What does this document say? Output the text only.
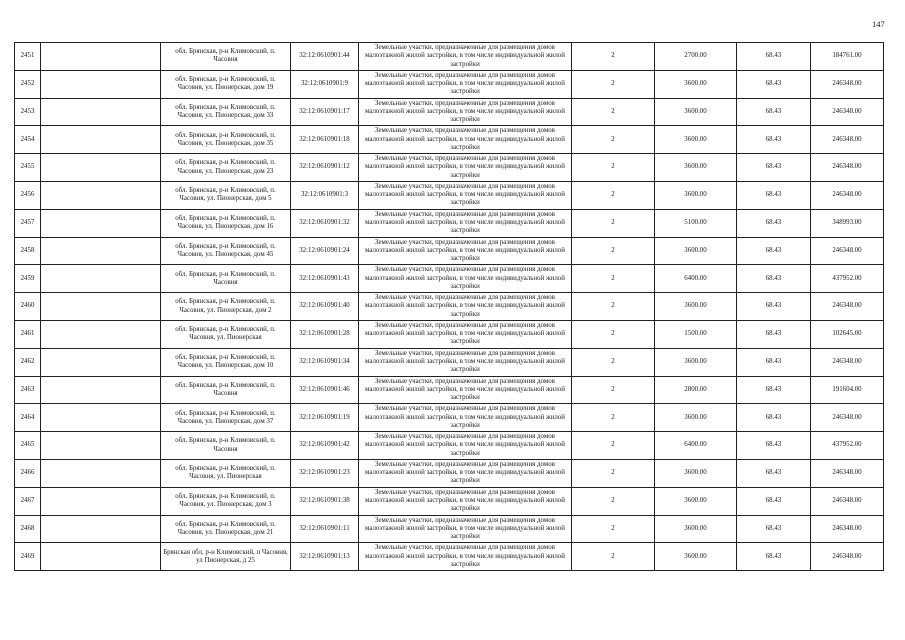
147
2451		обл. Брянская, р-н Климовский, п. Часовня	32:12:0610901:44	Земельные участки, предназначенные для размещения домов малоэтажной жилой застройки, в том числе индивидуальной жилой застройки	2	2700.00	68.43	184761.00
2452		обл. Брянская, р-н Климовский, п. Часовня, ул. Пионерская, дом 19	32:12:0610901:9	Земельные участки, предназначенные для размещения домов малоэтажной жилой застройки, в том числе индивидуальной жилой застройки	2	3600.00	68.43	246348.00
2453		обл. Брянская, р-н Климовский, п. Часовня, ул. Пионерская, дом 33	32:12:0610901:17	Земельные участки, предназначенные для размещения домов малоэтажной жилой застройки, в том числе индивидуальной жилой застройки	2	3600.00	68.43	246348.00
2454		обл. Брянская, р-н Климовский, п. Часовня, ул. Пионерская, дом 35	32:12:0610901:18	Земельные участки, предназначенные для размещения домов малоэтажной жилой застройки, в том числе индивидуальной жилой застройки	2	3600.00	68.43	246348.00
2455		обл. Брянская, р-н Климовский, п. Часовня, ул. Пионерская, дом 23	32:12:0610901:12	Земельные участки, предназначенные для размещения домов малоэтажной жилой застройки, в том числе индивидуальной жилой застройки	2	3600.00	68.43	246348.00
2456		обл. Брянская, р-н Климовский, п. Часовня, ул. Пионерская, дом 5	32:12:0610901:3	Земельные участки, предназначенные для размещения домов малоэтажной жилой застройки, в том числе индивидуальной жилой застройки	2	3600.00	68.43	246348.00
2457		обл. Брянская, р-н Климовский, п. Часовня, ул. Пионерская, дом 16	32:12:0610901:32	Земельные участки, предназначенные для размещения домов малоэтажной жилой застройки, в том числе индивидуальной жилой застройки	2	5100.00	68.43	348993.00
2458		обл. Брянская, р-н Климовский, п. Часовня, ул. Пионерская, дом 45	32:12:0610901:24	Земельные участки, предназначенные для размещения домов малоэтажной жилой застройки, в том числе индивидуальной жилой застройки	2	3600.00	68.43	246348.00
2459		обл. Брянская, р-н Климовский, п. Часовня	32:12:0610901:43	Земельные участки, предназначенные для размещения домов малоэтажной жилой застройки, в том числе индивидуальной жилой застройки	2	6400.00	68.43	437952.00
2460		обл. Брянская, р-н Климовский, п. Часовня, ул. Пионерская, дом 2	32:12:0610901:40	Земельные участки, предназначенные для размещения домов малоэтажной жилой застройки, в том числе индивидуальной жилой застройки	2	3600.00	68.43	246348.00
2461		обл. Брянская, р-н Климовский, п. Часовня, ул. Пионерская	32:12:0610901:28	Земельные участки, предназначенные для размещения домов малоэтажной жилой застройки, в том числе индивидуальной жилой застройки	2	1500.00	68.43	102645.00
2462		обл. Брянская, р-н Климовский, п. Часовня, ул. Пионерская, дом 10	32:12:0610901:34	Земельные участки, предназначенные для размещения домов малоэтажной жилой застройки, в том числе индивидуальной жилой застройки	2	3600.00	68.43	246348.00
2463		обл. Брянская, р-н Климовский, п. Часовня	32:12:0610901:46	Земельные участки, предназначенные для размещения домов малоэтажной жилой застройки, в том числе индивидуальной жилой застройки	2	2800.00	68.43	191604.00
2464		обл. Брянская, р-н Климовский, п. Часовня, ул. Пионерская, дом 37	32:12:0610901:19	Земельные участки, предназначенные для размещения домов малоэтажной жилой застройки, в том числе индивидуальной жилой застройки	2	3600.00	68.43	246348.00
2465		обл. Брянская, р-н Климовский, п. Часовня	32:12:0610901:42	Земельные участки, предназначенные для размещения домов малоэтажной жилой застройки, в том числе индивидуальной жилой застройки	2	6400.00	68.43	437952.00
2466		обл. Брянская, р-н Климовский, п. Часовня, ул. Пионерская	32:12:0610901:23	Земельные участки, предназначенные для размещения домов малоэтажной жилой застройки, в том числе индивидуальной жилой застройки	2	3600.00	68.43	246348.00
2467		обл. Брянская, р-н Климовский, п. Часовня, ул. Пионерская, дом 3	32:12:0610901:38	Земельные участки, предназначенные для размещения домов малоэтажной жилой застройки, в том числе индивидуальной жилой застройки	2	3600.00	68.43	246348.00
2468		обл. Брянская, р-н Климовский, п. Часовня, ул. Пионерская, дом 21	32:12:0610901:11	Земельные участки, предназначенные для размещения домов малоэтажной жилой застройки, в том числе индивидуальной жилой застройки	2	3600.00	68.43	246348.00
2469		Брянская обл, р-н Климовский, п Часовня, ул Пионерская, д 25	32:12:0610901:13	Земельные участки, предназначенные для размещения домов малоэтажной жилой застройки, в том числе индивидуальной жилой застройки	2	3600.00	68.43	246348.00
